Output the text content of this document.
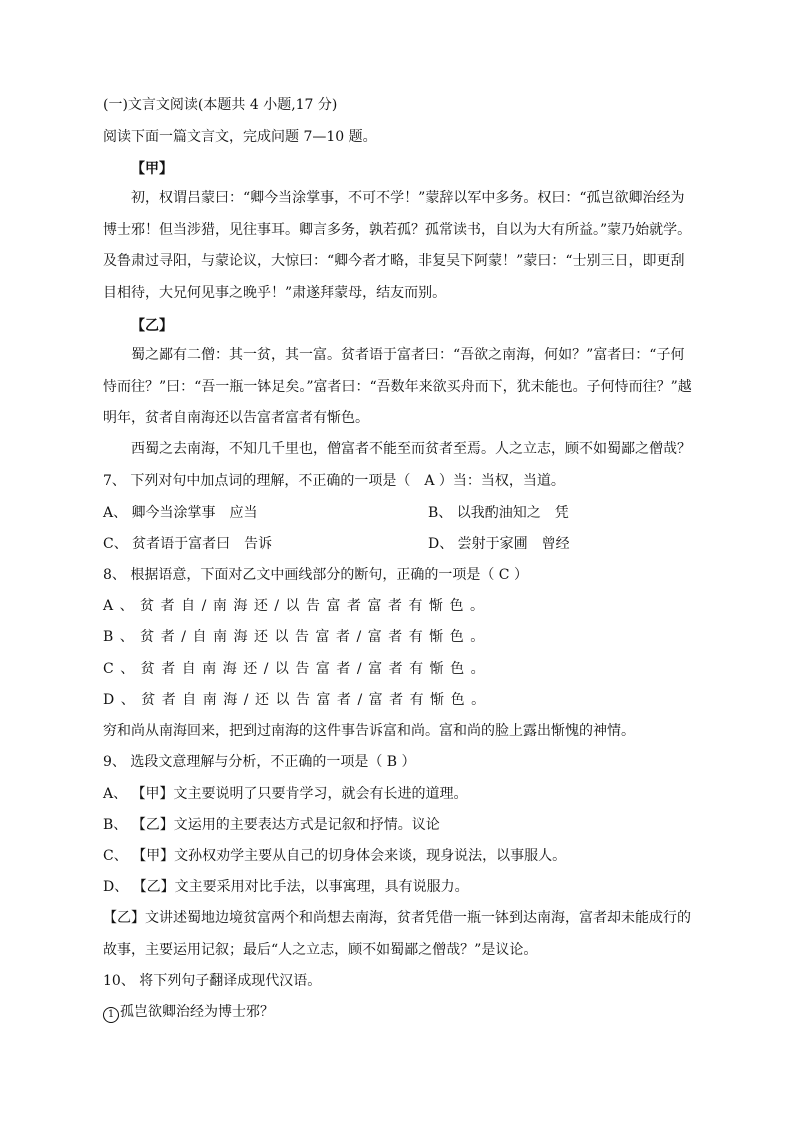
(一)文言文阅读(本题共 4 小题,17 分)
阅读下面一篇文言文，完成问题 7—10 题。
【甲】
初，权谓吕蒙曰：“卿今当涂掌事，不可不学！”蒙辞以军中多务。权曰：“孤岂欲卿治经为博士邪！但当涉猎，见往事耳。卿言多务，孰若孤？孤常读书，自以为大有所益。”蒙乃始就学。及鲁肃过寻阳，与蒙论议，大惊曰：“卿今者才略，非复吴下阿蒙！”蒙曰：“士别三日，即更刮目相待，大兄何见事之晚乎！”肃遂拜蒙母，结友而别。
【乙】
蜀之鄙有二僧：其一贫，其一富。贫者语于富者曰：“吾欲之南海，何如？”富者曰：“子何恃而往？”曰：“吾一瓶一钵足矣。”富者曰：“吾数年来欲买舟而下，犹未能也。子何恃而往？”越明年，贫者自南海还以告富者富者有惭色。
西蜀之去南海，不知几千里也，僧富者不能至而贫者至焉。人之立志，顾不如蜀鄙之僧哉？
7、 下列对句中加点词的理解，不正确的一项是（　A ）当：当权，当道。
A、 卿今当涂掌事　应当	B、 以我酌油知之　凭
C、 贫者语于富者曰　告诉	D、 尝射于家圃　曾经
8、 根据语意，下面对乙文中画线部分的断句，正确的一项是（ C ）
A、贫者自/南海还/以告富者富者有惭色。
B、贫者/自南海还以告富者/富者有惭色。
C、贫者自南海还/以告富者/富者有惭色。
D、贫者自南海/还以告富者/富者有惭色。
穷和尚从南海回来，把到过南海的这件事告诉富和尚。富和尚的脸上露出惭愧的神情。
9、 选段文意理解与分析，不正确的一项是（ B ）
A、 【甲】文主要说明了只要肯学习，就会有长进的道理。
B、 【乙】文运用的主要表达方式是记叙和抒情。议论
C、 【甲】文孙权劝学主要从自己的切身体会来谈，现身说法，以事服人。
D、 【乙】文主要采用对比手法，以事寓理，具有说服力。
【乙】文讲述蜀地边境贫富两个和尚想去南海，贫者凭借一瓶一钵到达南海，富者却未能成行的故事，主要运用记叙；最后“人之立志，顾不如蜀鄙之僧哉？”是议论。
10、 将下列句子翻译成现代汉语。
1 孤岂欲卿治经为博士邪？
